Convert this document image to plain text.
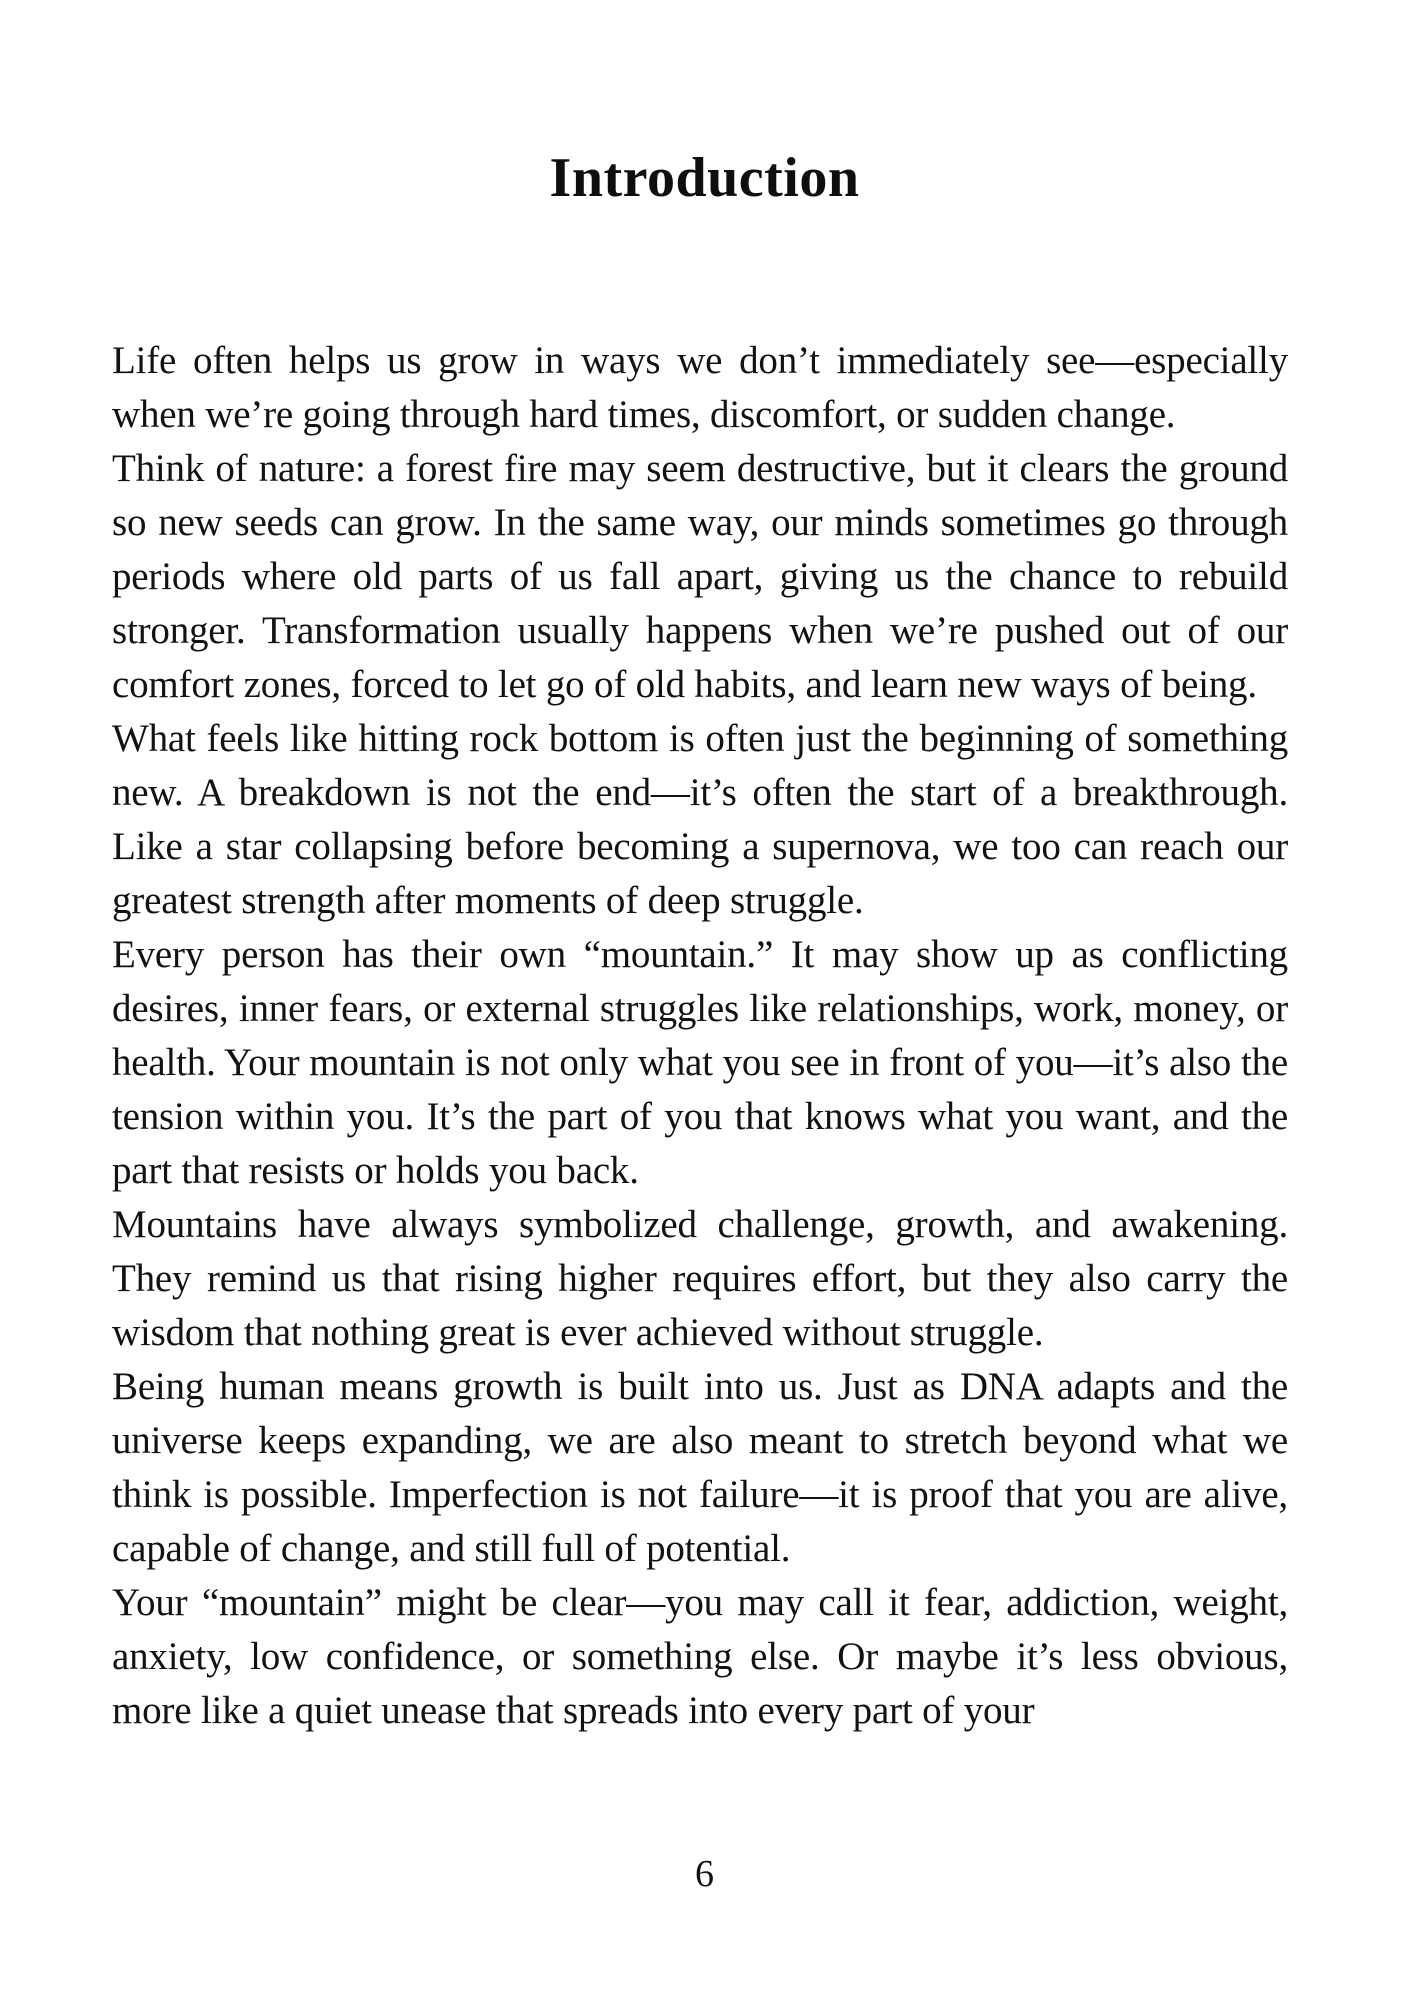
Introduction

Life often helps us grow in ways we don’t immediately see—especially when we’re going through hard times, discomfort, or sudden change.

Think of nature: a forest fire may seem destructive, but it clears the ground so new seeds can grow. In the same way, our minds sometimes go through periods where old parts of us fall apart, giving us the chance to rebuild stronger. Transformation usually happens when we’re pushed out of our comfort zones, forced to let go of old habits, and learn new ways of being.

What feels like hitting rock bottom is often just the beginning of something new. A breakdown is not the end—it’s often the start of a breakthrough. Like a star collapsing before becoming a supernova, we too can reach our greatest strength after moments of deep struggle.

Every person has their own “mountain.” It may show up as conflicting desires, inner fears, or external struggles like relationships, work, money, or health. Your mountain is not only what you see in front of you—it’s also the tension within you. It’s the part of you that knows what you want, and the part that resists or holds you back.

Mountains have always symbolized challenge, growth, and awakening. They remind us that rising higher requires effort, but they also carry the wisdom that nothing great is ever achieved without struggle.

Being human means growth is built into us. Just as DNA adapts and the universe keeps expanding, we are also meant to stretch beyond what we think is possible. Imperfection is not failure—it is proof that you are alive, capable of change, and still full of potential.

Your “mountain” might be clear—you may call it fear, addiction, weight, anxiety, low confidence, or something else. Or maybe it’s less obvious, more like a quiet unease that spreads into every part of your

6
